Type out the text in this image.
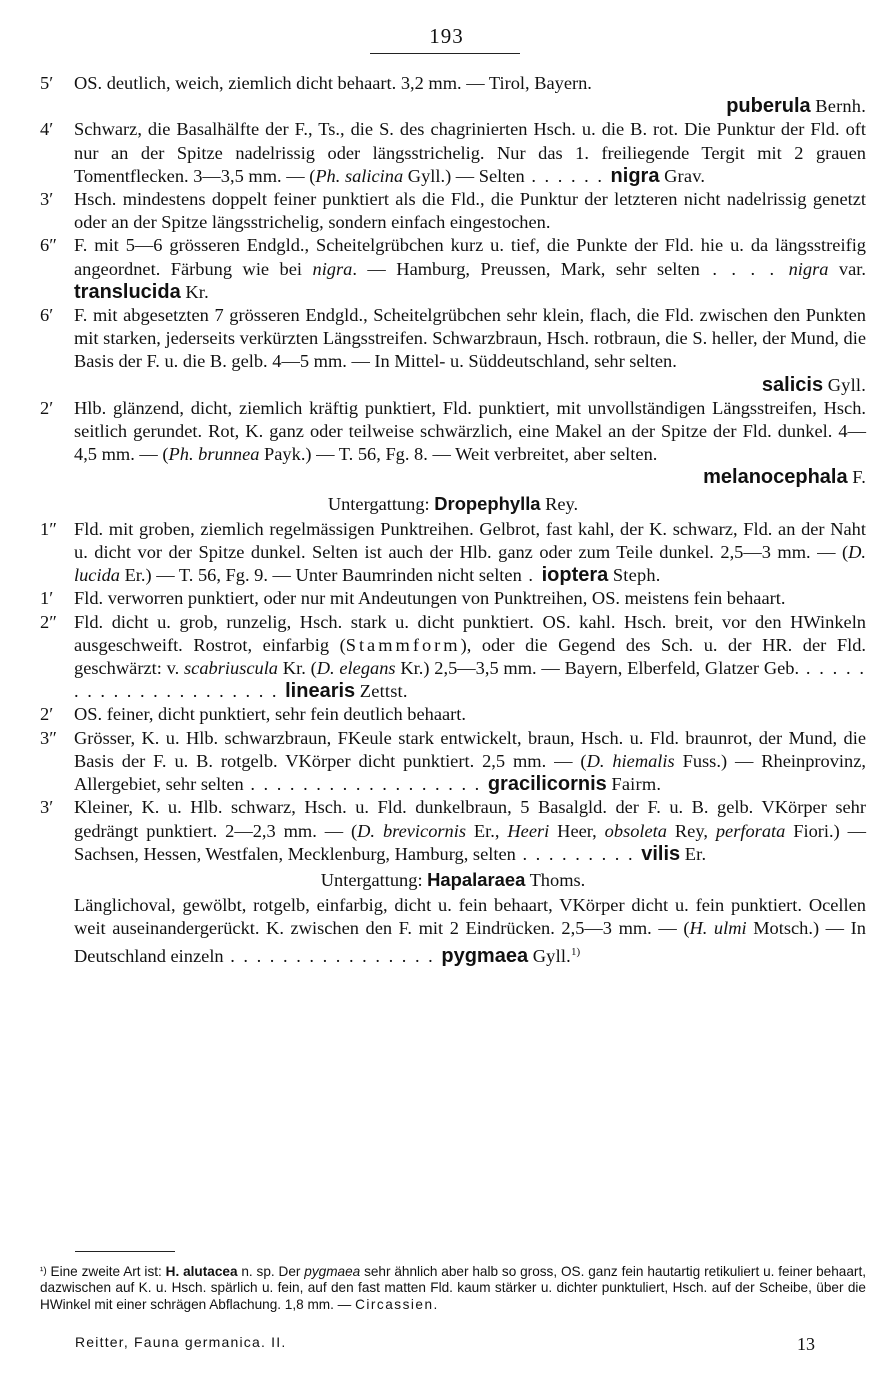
193
5′	OS. deutlich, weich, ziemlich dicht behaart. 3,2 mm. — Tirol, Bayern.
puberula Bernh.
4′	Schwarz, die Basalhälfte der F., Ts., die S. des chagrinierten Hsch. u. die B. rot. Die Punktur der Fld. oft nur an der Spitze nadelrissig oder längsstrichelig. Nur das 1. freiliegende Tergit mit 2 grauen Tomentflecken. 3—3,5 mm. — (Ph. salicina Gyll.) — Selten . . . . . . nigra Grav.
3′	Hsch. mindestens doppelt feiner punktiert als die Fld., die Punktur der letzteren nicht nadelrissig genetzt oder an der Spitze längsstrichelig, sondern einfach eingestochen.
6″ F. mit 5—6 grösseren Endgld., Scheitelgrübchen kurz u. tief, die Punkte der Fld. hie u. da längsstreifig angeordnet. Färbung wie bei nigra. — Hamburg, Preussen, Mark, sehr selten . . . . nigra var. translucida Kr.
6′	F. mit abgesetzten 7 grösseren Endgld., Scheitelgrübchen sehr klein, flach, die Fld. zwischen den Punkten mit starken, jederseits verkürzten Längsstreifen. Schwarzbraun, Hsch. rotbraun, die S. heller, der Mund, die Basis der F. u. die B. gelb. 4—5 mm. — In Mittel- u. Süddeutschland, sehr selten.
salicis Gyll.
2′	Hlb. glänzend, dicht, ziemlich kräftig punktiert, Fld. punktiert, mit unvollständigen Längsstreifen, Hsch. seitlich gerundet. Rot, K. ganz oder teilweise schwärzlich, eine Makel an der Spitze der Fld. dunkel. 4—4,5 mm. — (Ph. brunnea Payk.) — T. 56, Fg. 8. — Weit verbreitet, aber selten.
melanocephala F.
Untergattung: Dropephylla Rey.
1″ Fld. mit groben, ziemlich regelmässigen Punktreihen. Gelbrot, fast kahl, der K. schwarz, Fld. an der Naht u. dicht vor der Spitze dunkel. Selten ist auch der Hlb. ganz oder zum Teile dunkel. 2,5—3 mm. — (D. lucida Er.) — T. 56, Fg. 9. — Unter Baumrinden nicht selten . ioptera Steph.
1′	Fld. verworren punktiert, oder nur mit Andeutungen von Punktreihen, OS. meistens fein behaart.
2″ Fld. dicht u. grob, runzelig, Hsch. stark u. dicht punktiert. OS. kahl. Hsch. breit, vor den HWinkeln ausgeschweift. Rostrot, einfarbig (Stammform), oder die Gegend des Sch. u. der HR. der Fld. geschwärzt: v. scabriuscula Kr. (D. elegans Kr.) 2,5—3,5 mm. — Bayern, Elberfeld, Glatzer Geb. . . . . . . . . . . . . . . . . . . . . . linearis Zettst.
2′	OS. feiner, dicht punktiert, sehr fein deutlich behaart.
3″ Grösser, K. u. Hlb. schwarzbraun, FKeule stark entwickelt, braun, Hsch. u. Fld. braunrot, der Mund, die Basis der F. u. B. rotgelb. VKörper dicht punktiert. 2,5 mm. — (D. hiemalis Fuss.) — Rheinprovinz, Allergebiet, sehr selten . . . . . . . . . . . . . . . . . . gracilicornis Fairm.
3′	Kleiner, K. u. Hlb. schwarz, Hsch. u. Fld. dunkelbraun, 5 Basalgld. der F. u. B. gelb. VKörper sehr gedrängt punktiert. 2—2,3 mm. — (D. brevicornis Er., Heeri Heer, obsoleta Rey, perforata Fiori.) — Sachsen, Hessen, Westfalen, Mecklenburg, Hamburg, selten . . . . . . . . . vilis Er.
Untergattung: Hapalaraea Thoms.
Länglichoval, gewölbt, rotgelb, einfarbig, dicht u. fein behaart, VKörper dicht u. fein punktiert. Ocellen weit auseinandergerückt. K. zwischen den F. mit 2 Eindrücken. 2,5—3 mm. — (H. ulmi Motsch.) — In Deutschland einzeln . . . . . . . . . . . . . . . . pygmaea Gyll.$^{1)}$
$^{^1)}$ Eine zweite Art ist: H. alutacea n. sp. Der pygmaea sehr ähnlich aber halb so gross, OS. ganz fein hautartig retikuliert u. feiner behaart, dazwischen auf K. u. Hsch. spärlich u. fein, auf den fast matten Fld. kaum stärker u. dichter punktuliert, Hsch. auf der Scheibe, über die HWinkel mit einer schrägen Abflachung. 1,8 mm. — Circassien.
Reitter, Fauna germanica. II.	13
